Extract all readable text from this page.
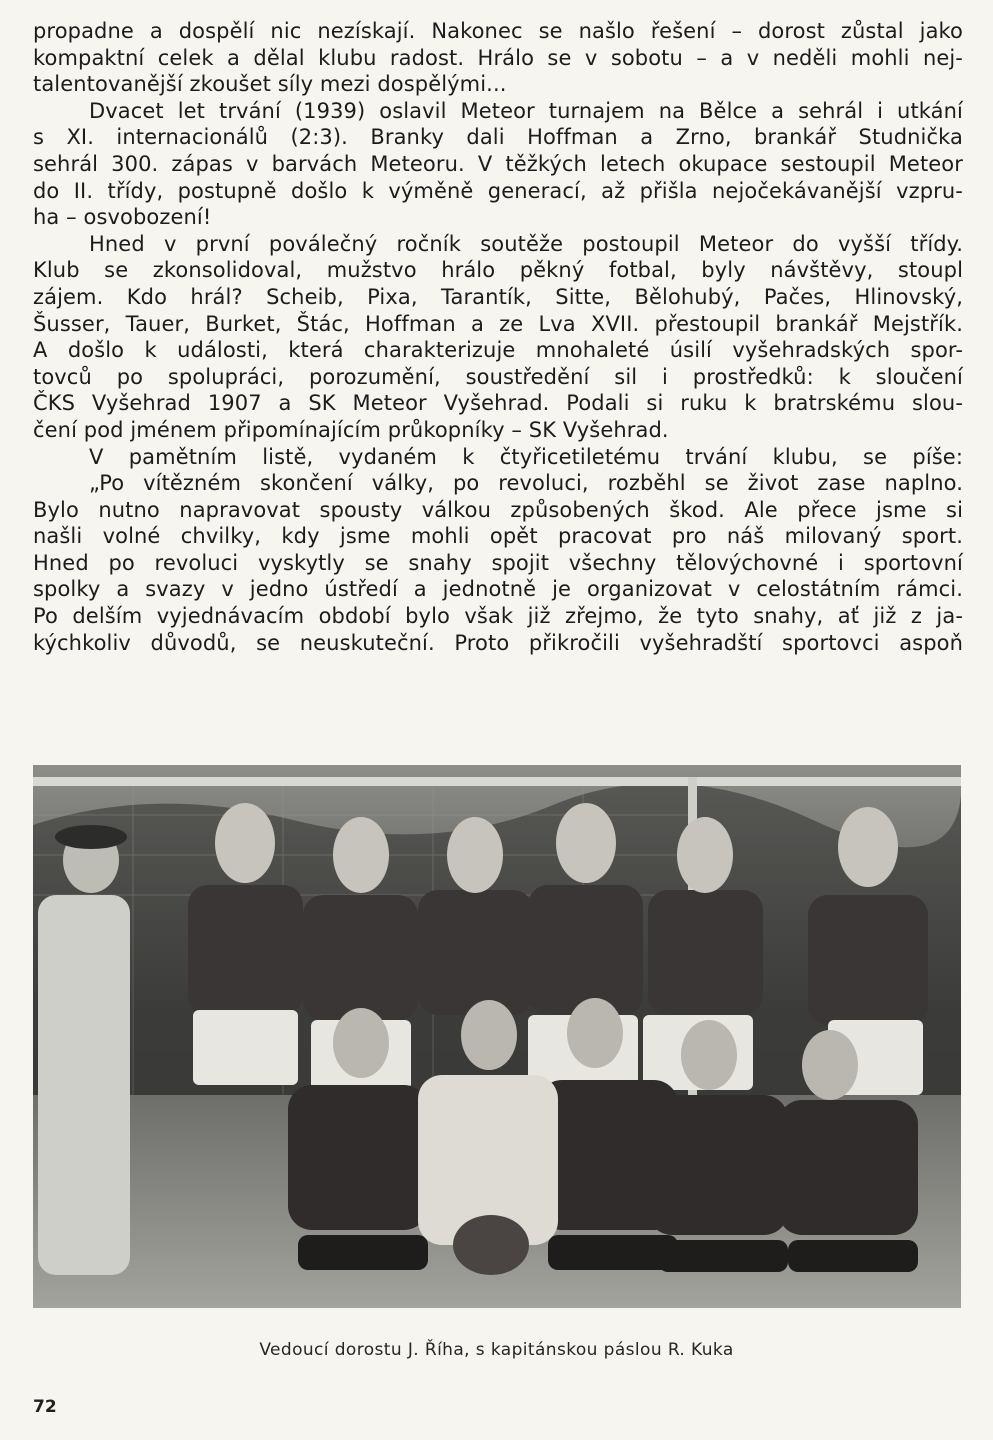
propadne a dospělí nic nezískají. Nakonec se našlo řešení – dorost zůstal jako
kompaktní celek a dělal klubu radost. Hrálo se v sobotu – a v neděli mohli nej-
talentovanější zkoušet síly mezi dospělými...
Dvacet let trvání (1939) oslavil Meteor turnajem na Bělce a sehrál i utkání
s XI. internacionálů (2:3). Branky dali Hoffman a Zrno, brankář Studnička
sehrál 300. zápas v barvách Meteoru. V těžkých letech okupace sestoupil Meteor
do II. třídy, postupně došlo k výměně generací, až přišla nejočekávanější vzpru-
ha – osvobození!
Hned v první poválečný ročník soutěže postoupil Meteor do vyšší třídy.
Klub se zkonsolidoval, mužstvo hrálo pěkný fotbal, byly návštěvy, stoupl
zájem. Kdo hrál? Scheib, Pixa, Tarantík, Sitte, Bělohubý, Pačes, Hlinovský,
Šusser, Tauer, Burket, Štác, Hoffman a ze Lva XVII. přestoupil brankář Mejstřík.
A došlo k události, která charakterizuje mnohaleté úsilí vyšehradských spor-
tovců po spolupráci, porozumění, soustředění sil i prostředků: k sloučení
ČKS Vyšehrad 1907 a SK Meteor Vyšehrad. Podali si ruku k bratrskému slou-
čení pod jménem připomínajícím průkopníky – SK Vyšehrad.
V pamětním listě, vydaném k čtyřicetiletému trvání klubu, se píše:
„Po vítězném skončení války, po revoluci, rozběhl se život zase naplno.
Bylo nutno napravovat spousty válkou způsobených škod. Ale přece jsme si
našli volné chvilky, kdy jsme mohli opět pracovat pro náš milovaný sport.
Hned po revoluci vyskytly se snahy spojit všechny tělovýchovné i sportovní
spolky a svazy v jedno ústředí a jednotně je organizovat v celostátním rámci.
Po delším vyjednávacím období bylo však již zřejmo, že tyto snahy, ať již z ja-
kýchkoliv důvodů, se neuskuteční. Proto přikročili vyšehradští sportovci aspoň
Vedoucí dorostu J. Říha, s kapitánskou páslou R. Kuka
72
